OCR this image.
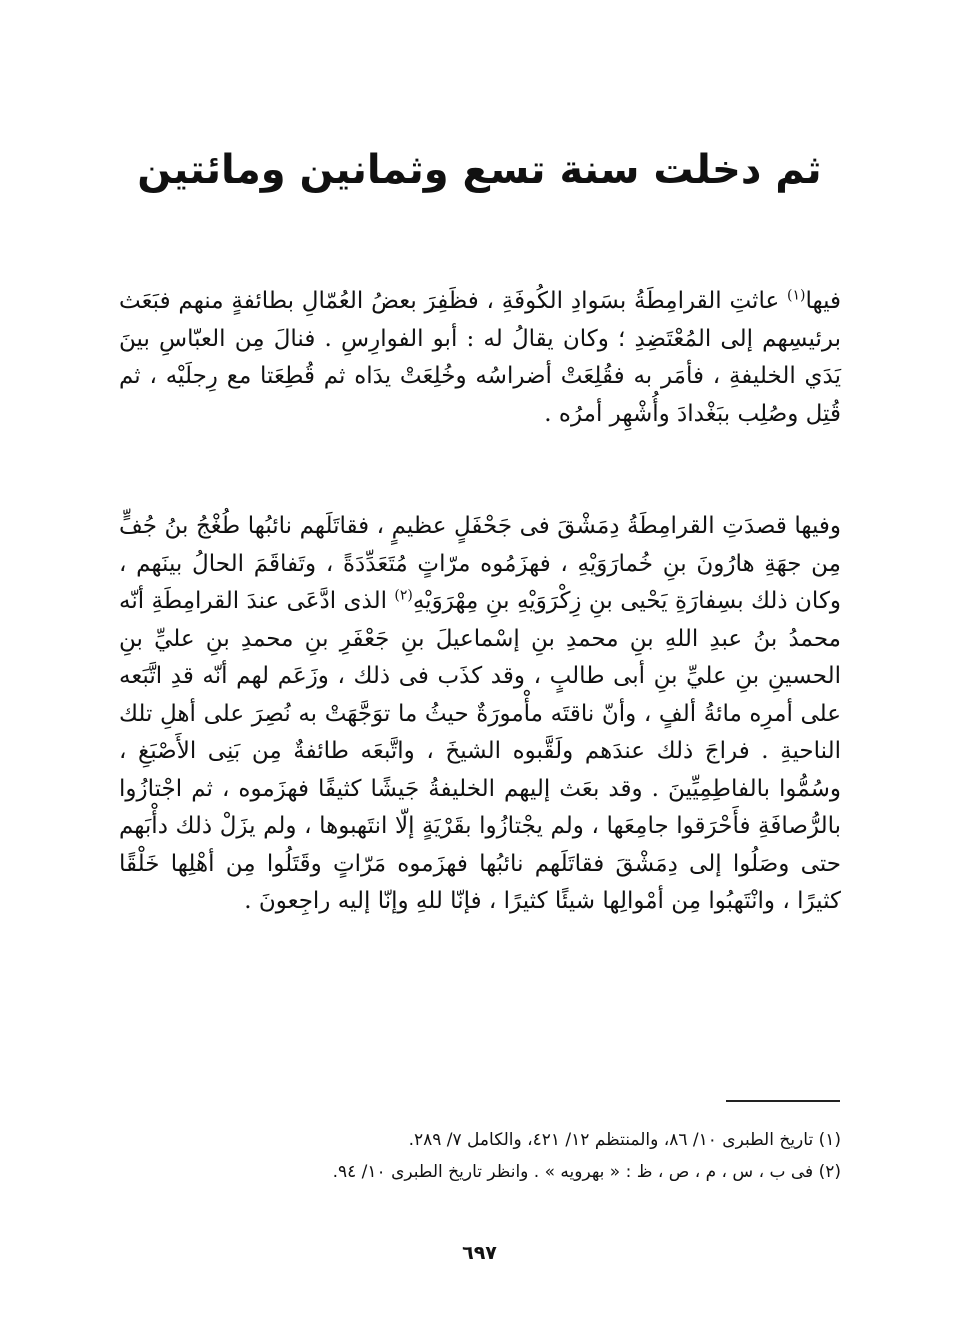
ثم دخلت سنة تسع وثمانين ومائتين

فيها$^{(١)}$ عاثتِ القرامِطَةُ بسَوادِ الكُوفَةِ ، فظَفِرَ بعضُ العُمّالِ بطائفةٍ منهم فبَعَث برئيسِهم إلى المُعْتَضِدِ ؛ وكان يقالُ له : أبو الفوارِسِ . فنالَ مِن العبّاسِ بينَ يَدَي الخليفةِ ، فأمَر به فقُلِعَتْ أضراسُه وخُلِعَتْ يدَاه ثم قُطِعَتا مع رِجلَيْه ، ثم قُتِل وصُلِب ببَغْدادَ وأُشْهِر أمرُه .

وفيها قصدَتِ القرامِطَةُ دِمَشْقَ فى جَحْفَلٍ عظيمٍ ، فقاتَلَهم نائبُها طُغْجُ بنُ جُفٍّ مِن جهَةِ هارُونَ بنِ خُمارَوَيْهِ ، فهزَمُوه مرّاتٍ مُتَعَدِّدَةً ، وتَفاقَمَ الحالُ بينَهم ، وكان ذلك بسِفارَةِ يَحْيى بنِ زِكْرَوَيْهِ بنِ مِهْرَوَيْهِ$^{(٢)}$ الذى ادَّعَى عندَ القرامِطَةِ أنّه محمدُ بنُ عبدِ اللهِ بنِ محمدِ بنِ إسْماعيلَ بنِ جَعْفَرِ بنِ محمدِ بنِ عليِّ بنِ الحسينِ بنِ عليِّ بنِ أبى طالبٍ ، وقد كذَب فى ذلك ، وزَعَم لهم أنّه قدِ اتَّبَعه على أمرِه مائةُ ألفٍ ، وأنّ ناقتَه مأْمورَةٌ حيثُ ما توَجَّهَتْ به نُصِرَ على أهلِ تلك الناحيةِ . فراجَ ذلك عندَهم ولَقَّبوه الشيخَ ، واتَّبعَه طائفةٌ مِن بَنِى الأَصْبَغِ ، وسُمُّوا بالفاطِمِيِّينَ . وقد بعَث إليهم الخليفةُ جَيشًا كثيفًا فهزَموه ، ثم اجْتازُوا بالرُّصافَةِ فأَحْرَقوا جامِعَها ، ولم يجْتازُوا بقَرْيَةٍ إلّا انتَهبوها ، ولم يزَلْ ذلك دأْبَهم حتى وصَلُوا إلى دِمَشْقَ فقاتَلَهم نائبُها فهزَموه مَرّاتٍ وقَتَلُوا مِن أهْلِها خَلْقًا كثيرًا ، وانْتَهبُوا مِن أمْوالِها شيئًا كثيرًا ، فإنّا للهِ وإنّا إليه راجِعونَ .

(١) تاريخ الطبرى ١٠/ ٨٦، والمنتظم ١٢/ ٤٢١، والكامل ٧/ ٢٨٩.
(٢) فى ب ، س ، م ، ص ، ظ : « بهرويه » . وانظر تاريخ الطبرى ١٠/ ٩٤.
٦٩٧
